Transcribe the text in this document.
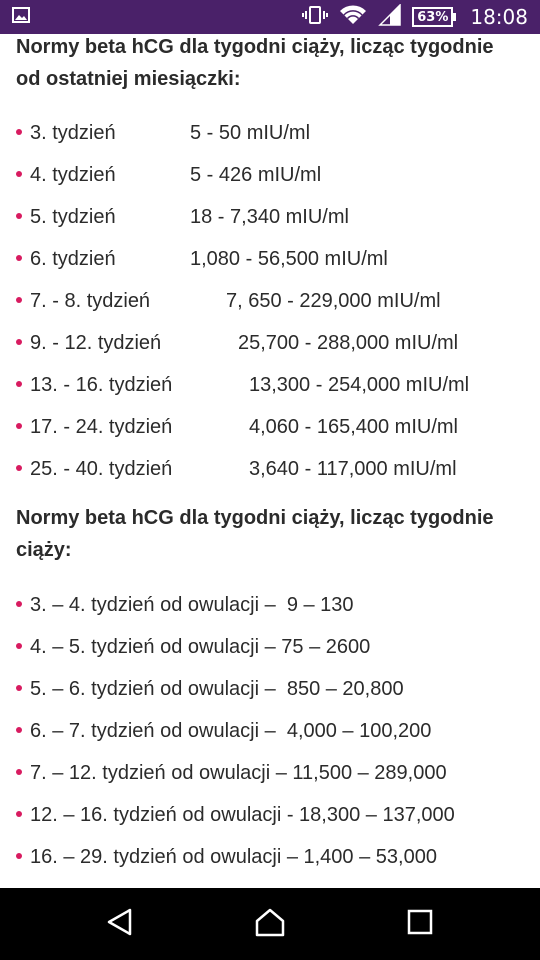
63% 18:08
Normy beta hCG dla tygodni ciąży, licząc tygodnie
od ostatniej miesiączki:
3. tydzień	5 - 50 mIU/ml
4. tydzień	5 - 426 mIU/ml
5. tydzień	18 - 7,340 mIU/ml
6. tydzień	1,080 - 56,500 mIU/ml
7. - 8. tydzień	7, 650 - 229,000 mIU/ml
9. - 12. tydzień	25,700 - 288,000 mIU/ml
13. - 16. tydzień	13,300 - 254,000 mIU/ml
17. - 24. tydzień	4,060 - 165,400 mIU/ml
25. - 40. tydzień	3,640 - 117,000 mIU/ml
Normy beta hCG dla tygodni ciąży, licząc tygodnie
ciąży:
3. – 4. tydzień od owulacji –  9 – 130
4. – 5. tydzień od owulacji – 75 – 2600
5. – 6. tydzień od owulacji –  850 – 20,800
6. – 7. tydzień od owulacji –  4,000 – 100,200
7. – 12. tydzień od owulacji – 11,500 – 289,000
12. – 16. tydzień od owulacji - 18,300 – 137,000
16. – 29. tydzień od owulacji – 1,400 – 53,000
